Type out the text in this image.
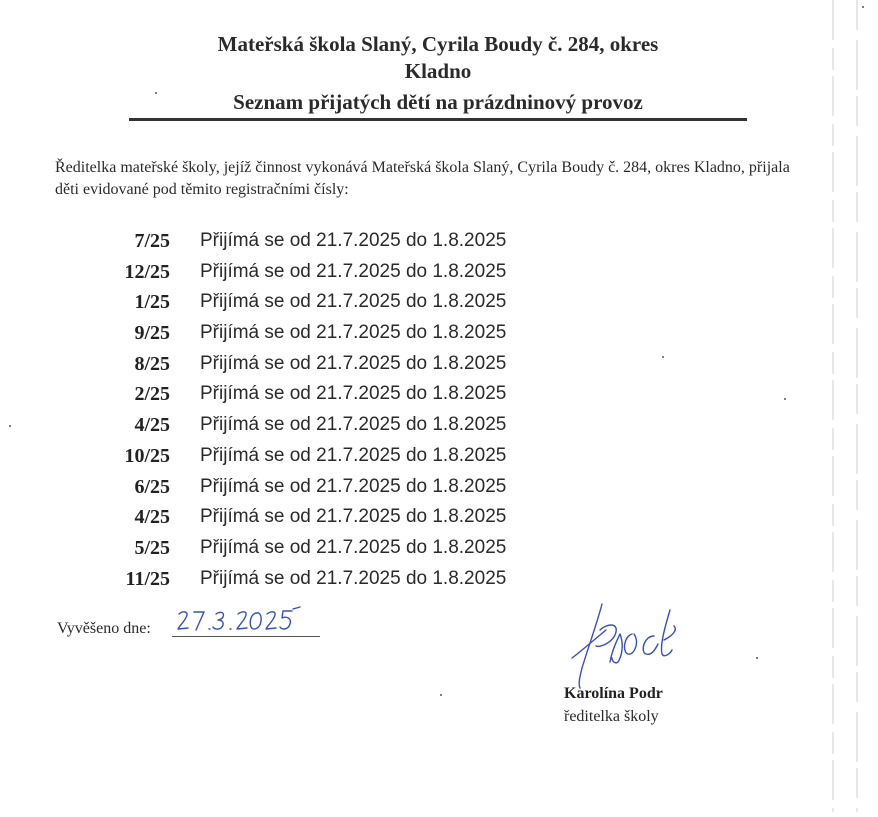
Mateřská škola Slaný, Cyrila Boudy č. 284, okres
Kladno
Seznam přijatých dětí na prázdninový provoz
Ředitelka mateřské školy, jejíž činnost vykonává Mateřská škola Slaný, Cyrila Boudy č. 284, okres Kladno, přijala děti evidované pod těmito registračními čísly:
7/25 Přijímá se od 21.7.2025 do 1.8.2025
12/25 Přijímá se od 21.7.2025 do 1.8.2025
1/25 Přijímá se od 21.7.2025 do 1.8.2025
9/25 Přijímá se od 21.7.2025 do 1.8.2025
8/25 Přijímá se od 21.7.2025 do 1.8.2025
2/25 Přijímá se od 21.7.2025 do 1.8.2025
4/25 Přijímá se od 21.7.2025 do 1.8.2025
10/25 Přijímá se od 21.7.2025 do 1.8.2025
6/25 Přijímá se od 21.7.2025 do 1.8.2025
4/25 Přijímá se od 21.7.2025 do 1.8.2025
5/25 Přijímá se od 21.7.2025 do 1.8.2025
11/25 Přijímá se od 21.7.2025 do 1.8.2025
Vyvěšeno dne:
Karolína Podr
ředitelka školy
